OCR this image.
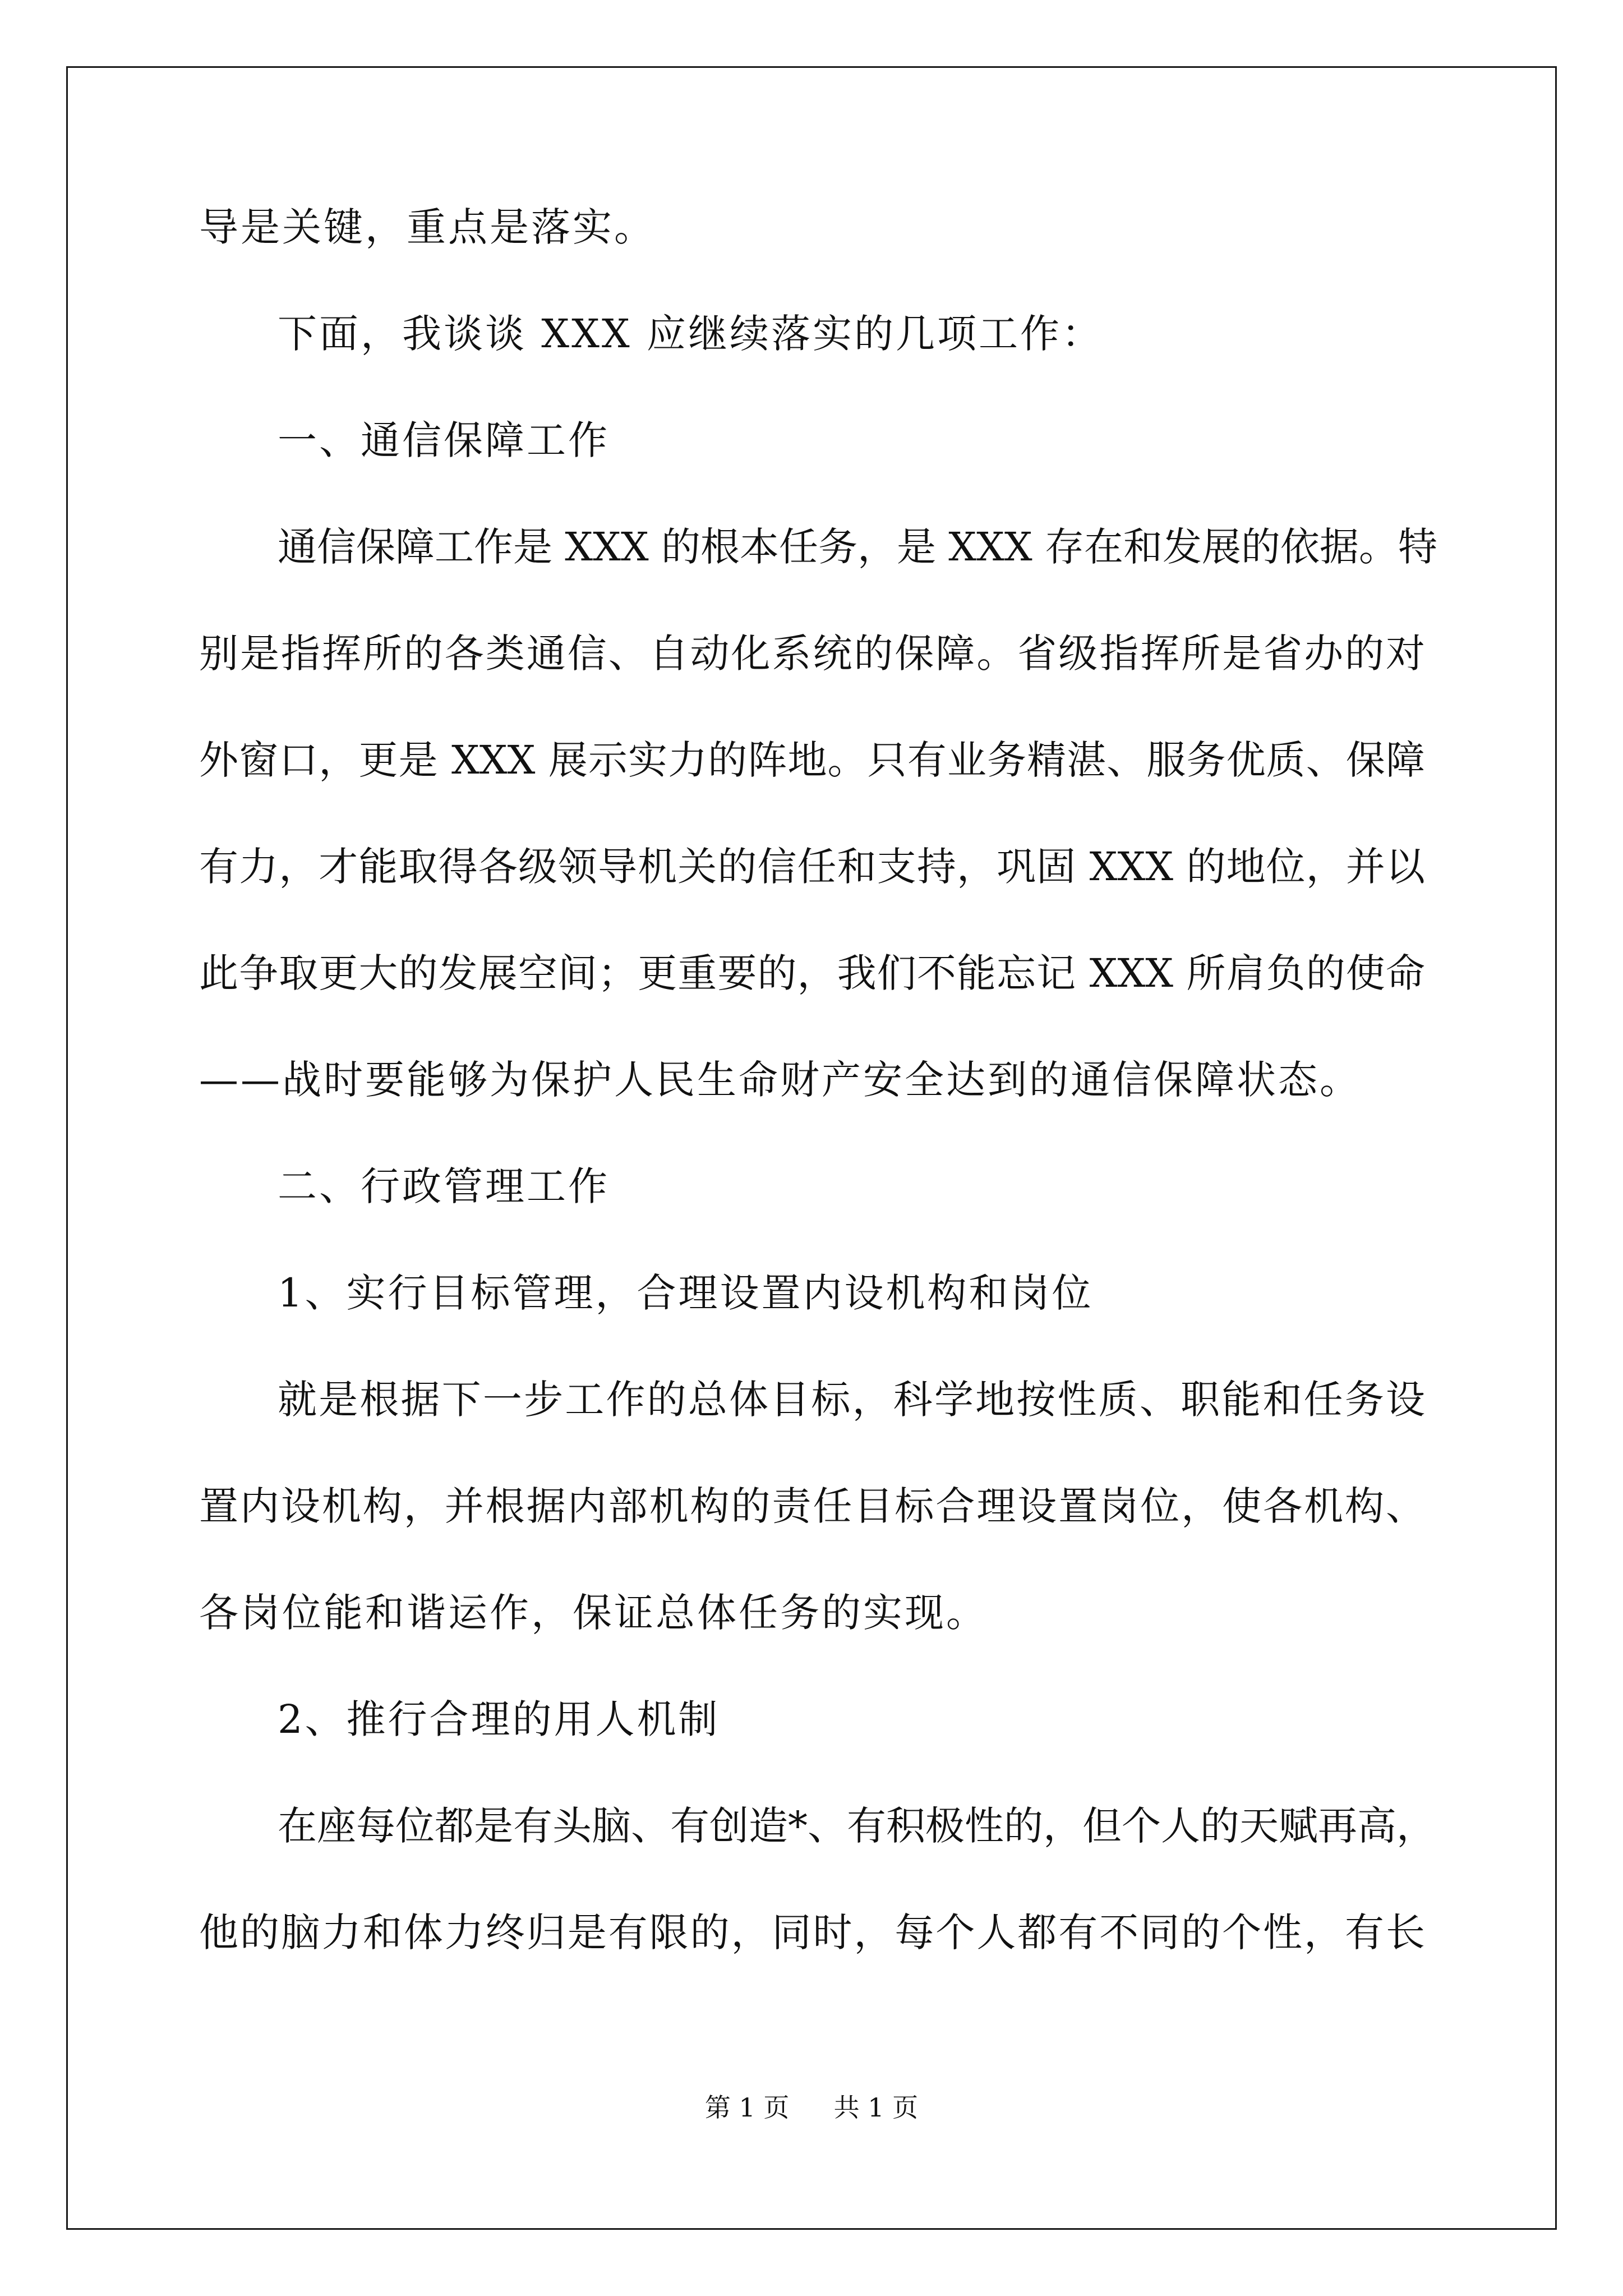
导是关键，重点是落实。
下面，我谈谈 XXX 应继续落实的几项工作：
一、通信保障工作
通信保障工作是 XXX 的根本任务，是 XXX 存在和发展的依据。特
别是指挥所的各类通信、自动化系统的保障。省级指挥所是省办的对
外窗口，更是 XXX 展示实力的阵地。只有业务精湛、服务优质、保障
有力，才能取得各级领导机关的信任和支持，巩固 XXX 的地位，并以
此争取更大的发展空间；更重要的，我们不能忘记 XXX 所肩负的使命
——战时要能够为保护人民生命财产安全达到的通信保障状态。
二、行政管理工作
1、实行目标管理，合理设置内设机构和岗位
就是根据下一步工作的总体目标，科学地按性质、职能和任务设
置内设机构，并根据内部机构的责任目标合理设置岗位，使各机构、
各岗位能和谐运作，保证总体任务的实现。
2、推行合理的用人机制
在座每位都是有头脑、有创造*、有积极性的，但个人的天赋再高，
他的脑力和体力终归是有限的，同时，每个人都有不同的个性，有长
第 1 页 共 1 页
